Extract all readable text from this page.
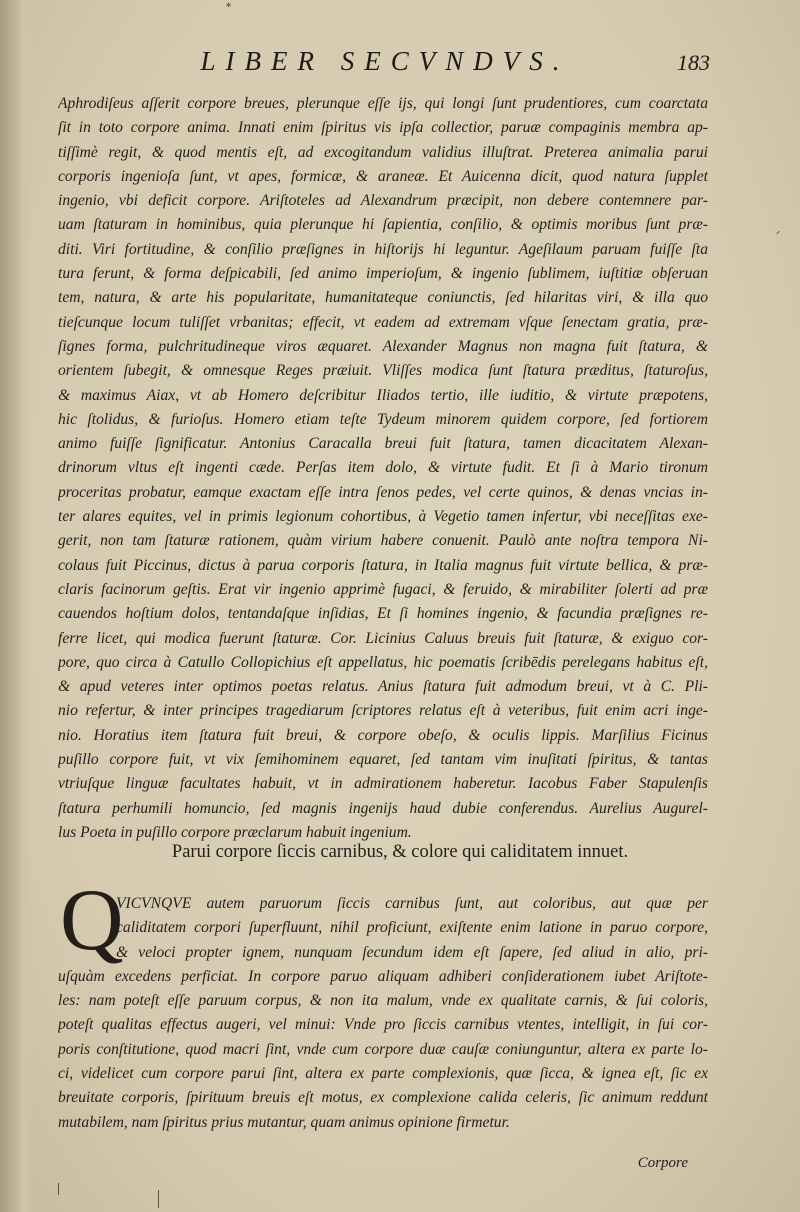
*
LIBER SECVNDVS.	183
Aphrodiſeus aſſerit corpore breues, plerunque eſſe ijs, qui longi ſunt prudentiores, cum coarctata
ſit in toto corpore anima. Innati enim ſpiritus vis ipſa collectior, paruæ compaginis membra ap-
tiſſimè regit, & quod mentis eſt, ad excogitandum validius illuſtrat. Preterea animalia parui
corporis ingenioſa ſunt, vt apes, formicæ, & araneæ. Et Auicenna dicit, quod natura ſupplet
ingenio, vbi deficit corpore. Ariſtoteles ad Alexandrum præcipit, non debere contemnere par-
uam ſtaturam in hominibus, quia plerunque hi ſapientia, conſilio, & optimis moribus ſunt præ-
diti. Viri fortitudine, & conſilio præſignes in hiſtorijs hi leguntur. Ageſilaum paruam fuiſſe ſta
tura ferunt, & forma deſpicabili, ſed animo imperioſum, & ingenio ſublimem, iuſtitiæ obſeruan
tem, natura, & arte his popularitate, humanitateque coniunctis, ſed hilaritas viri, & illa quo
tieſcunque locum tuliſſet vrbanitas; effecit, vt eadem ad extremam vſque ſenectam gratia, præ-
ſignes forma, pulchritudineque viros æquaret. Alexander Magnus non magna fuit ſtatura, &
orientem ſubegit, & omnesque Reges præiuit. Vliſſes modica ſunt ſtatura præditus, ſtaturoſus,
& maximus Aiax, vt ab Homero deſcribitur Iliados tertio, ille iuditio, & virtute præpotens,
hic ſtolidus, & furioſus. Homero etiam teſte Tydeum minorem quidem corpore, ſed fortiorem
animo fuiſſe ſignificatur. Antonius Caracalla breui fuit ſtatura, tamen dicacitatem Alexan-
drinorum vltus eſt ingenti cæde. Perſas item dolo, & virtute fudit. Et ſi à Mario tironum
proceritas probatur, eamque exactam eſſe intra ſenos pedes, vel certe quinos, & denas vncias in-
ter alares equites, vel in primis legionum cohortibus, à Vegetio tamen infertur, vbi neceſſitas exe-
gerit, non tam ſtaturæ rationem, quàm virium habere conuenit. Paulò ante noſtra tempora Ni-
colaus fuit Piccinus, dictus à parua corporis ſtatura, in Italia magnus fuit virtute bellica, & præ-
claris facinorum geſtis. Erat vir ingenio apprimè fugaci, & feruido, & mirabiliter ſolerti ad præ
cauendos hoſtium dolos, tentandaſque inſidias, Et ſi homines ingenio, & facundia præſignes re-
ferre licet, qui modica fuerunt ſtaturæ. Cor. Licinius Caluus breuis fuit ſtaturæ, & exiguo cor-
pore, quo circa à Catullo Collopichius eſt appellatus, hic poematis ſcribēdis perelegans habitus eſt,
& apud veteres inter optimos poetas relatus. Anius ſtatura fuit admodum breui, vt à C. Pli-
nio refertur, & inter principes tragediarum ſcriptores relatus eſt à veteribus, fuit enim acri inge-
nio. Horatius item ſtatura fuit breui, & corpore obeſo, & oculis lippis. Marſilius Ficinus
puſillo corpore fuit, vt vix ſemihominem equaret, ſed tantam vim inuſitati ſpiritus, & tantas
vtriuſque linguæ facultates habuit, vt in admirationem haberetur. Iacobus Faber Stapulenſis
ſtatura perhumili homuncio, ſed magnis ingenijs haud dubie conferendus. Aurelius Augurel-
lus Poeta in puſillo corpore præclarum habuit ingenium.
Parui corpore ſiccis carnibus, & colore qui caliditatem innuet.
Q
VICVNQVE autem paruorum ſiccis carnibus ſunt, aut coloribus, aut quæ per
caliditatem corpori ſuperfluunt, nihil proficiunt, exiſtente enim latione in paruo corpore,
& veloci propter ignem, nunquam ſecundum idem eſt ſapere, ſed aliud in alio, pri-
uſquàm excedens perficiat. In corpore paruo aliquam adhiberi conſiderationem iubet Ariſtote-
les: nam poteſt eſſe paruum corpus, & non ita malum, vnde ex qualitate carnis, & ſui coloris,
poteſt qualitas effectus augeri, vel minui: Vnde pro ſiccis carnibus vtentes, intelligit, in ſui cor-
poris conſtitutione, quod macri ſint, vnde cum corpore duæ cauſæ coniunguntur, altera ex parte lo-
ci, videlicet cum corpore parui ſint, altera ex parte complexionis, quæ ſicca, & ignea eſt, ſic ex
breuitate corporis, ſpirituum breuis eſt motus, ex complexione calida celeris, ſic animum reddunt
mutabilem, nam ſpiritus prius mutantur, quam animus opinione firmetur.
Corpore
